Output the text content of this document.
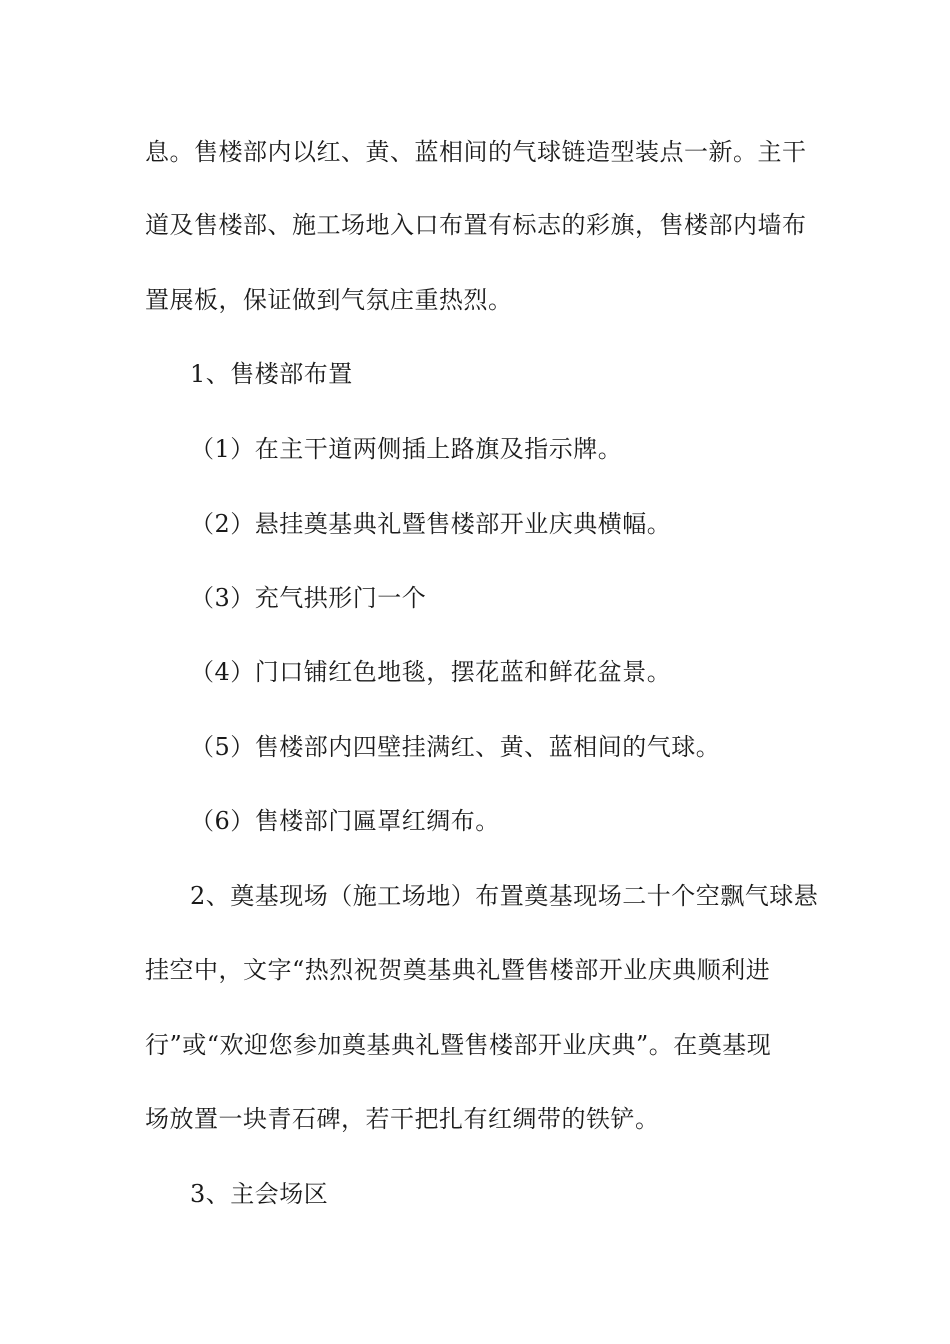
息。售楼部内以红、黄、蓝相间的气球链造型装点一新。主干
道及售楼部、施工场地入口布置有标志的彩旗，售楼部内墙布
置展板，保证做到气氛庄重热烈。
1、售楼部布置
（1）在主干道两侧插上路旗及指示牌。
（2）悬挂奠基典礼暨售楼部开业庆典横幅。
（3）充气拱形门一个
（4）门口铺红色地毯，摆花蓝和鲜花盆景。
（5）售楼部内四壁挂满红、黄、蓝相间的气球。
（6）售楼部门匾罩红绸布。
2、奠基现场（施工场地）布置奠基现场二十个空飘气球悬
挂空中，文字“热烈祝贺奠基典礼暨售楼部开业庆典顺利进
行”或“欢迎您参加奠基典礼暨售楼部开业庆典”。在奠基现
场放置一块青石碑，若干把扎有红绸带的铁铲。
3、主会场区
